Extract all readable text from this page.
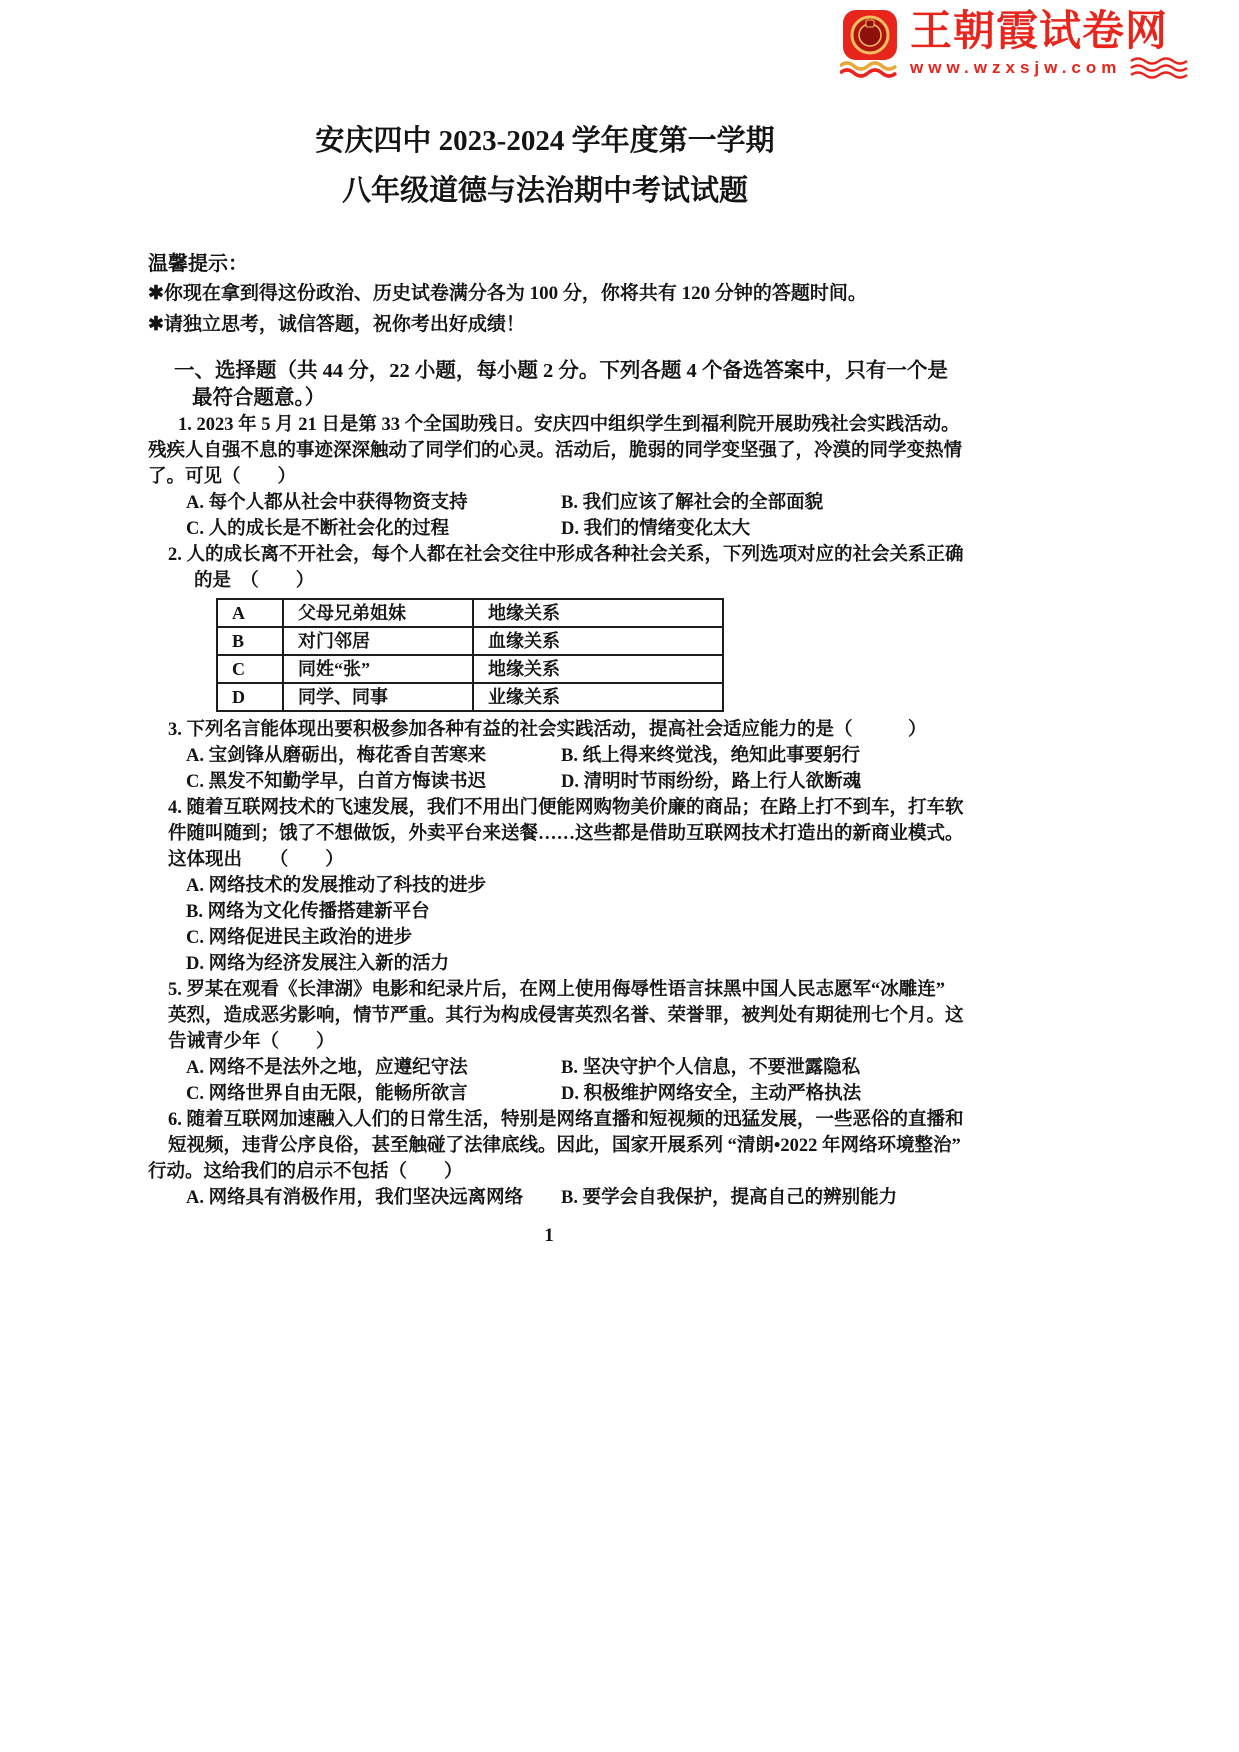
王朝霞试卷网
www.wzxsjw.com
安庆四中 2023-2024 学年度第一学期
八年级道德与法治期中考试试题
温馨提示：
✱你现在拿到得这份政治、历史试卷满分各为 100 分，你将共有 120 分钟的答题时间。
✱请独立思考，诚信答题，祝你考出好成绩！
一、选择题（共 44 分，22 小题，每小题 2 分。下列各题 4 个备选答案中，只有一个是
最符合题意。）
1. 2023 年 5 月 21 日是第 33 个全国助残日。安庆四中组织学生到福利院开展助残社会实践活动。
残疾人自强不息的事迹深深触动了同学们的心灵。活动后，脆弱的同学变坚强了，冷漠的同学变热情
了。可见（　　）
A. 每个人都从社会中获得物资支持	B. 我们应该了解社会的全部面貌
C. 人的成长是不断社会化的过程	D. 我们的情绪变化太大
2. 人的成长离不开社会，每个人都在社会交往中形成各种社会关系，下列选项对应的社会关系正确
的是　（　　）
A	父母兄弟姐妹	地缘关系
B	对门邻居	血缘关系
C	同姓“张”	地缘关系
D	同学、同事	业缘关系
3. 下列名言能体现出要积极参加各种有益的社会实践活动，提高社会适应能力的是（　　　）
A. 宝剑锋从磨砺出，梅花香自苦寒来	B. 纸上得来终觉浅，绝知此事要躬行
C. 黑发不知勤学早，白首方悔读书迟	D. 清明时节雨纷纷，路上行人欲断魂
4. 随着互联网技术的飞速发展，我们不用出门便能网购物美价廉的商品；在路上打不到车，打车软
件随叫随到；饿了不想做饭，外卖平台来送餐……这些都是借助互联网技术打造出的新商业模式。
这体现出　　（　　）
A. 网络技术的发展推动了科技的进步
B. 网络为文化传播搭建新平台
C. 网络促进民主政治的进步
D. 网络为经济发展注入新的活力
5. 罗某在观看《长津湖》电影和纪录片后，在网上使用侮辱性语言抹黑中国人民志愿军“冰雕连”
英烈，造成恶劣影响，情节严重。其行为构成侵害英烈名誉、荣誉罪，被判处有期徒刑七个月。这
告诫青少年（　　）
A. 网络不是法外之地，应遵纪守法	B. 坚决守护个人信息，不要泄露隐私
C. 网络世界自由无限，能畅所欲言	D. 积极维护网络安全，主动严格执法
6. 随着互联网加速融入人们的日常生活，特别是网络直播和短视频的迅猛发展，一些恶俗的直播和
短视频，违背公序良俗，甚至触碰了法律底线。因此，国家开展系列 “清朗•2022 年网络环境整治”
行动。这给我们的启示不包括（　　）
A. 网络具有消极作用，我们坚决远离网络	B. 要学会自我保护，提高自己的辨别能力
1
